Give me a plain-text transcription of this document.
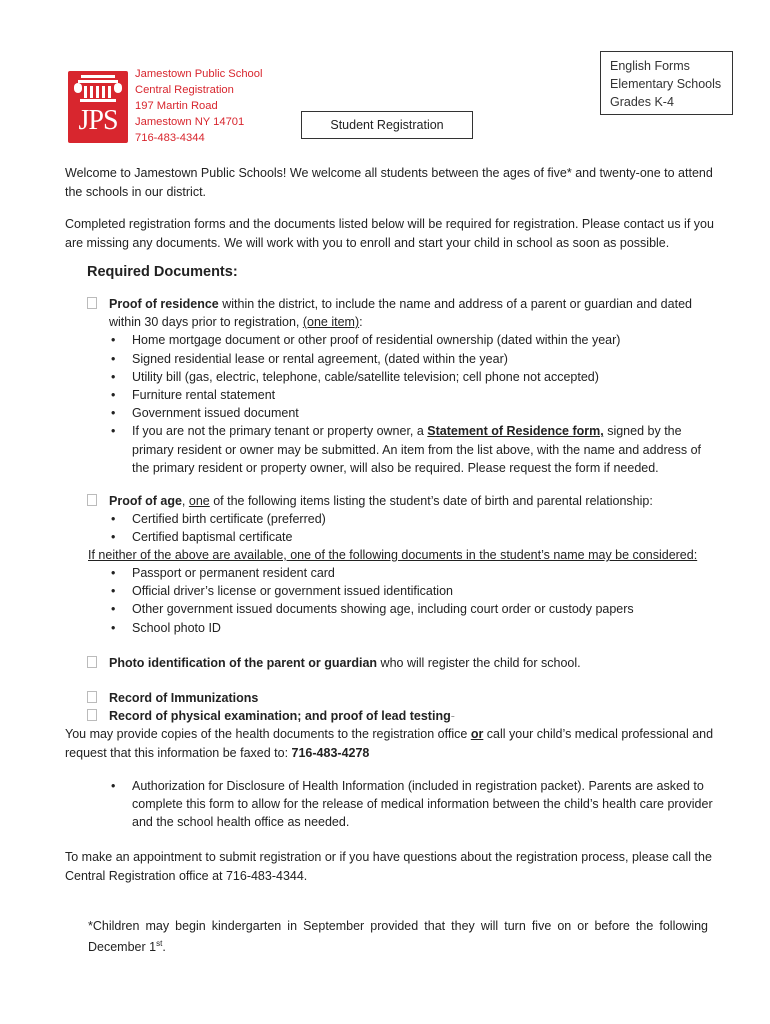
JPS
Jamestown Public School
Central Registration
197 Martin Road
Jamestown NY 14701
716-483-4344
Student Registration
English Forms
Elementary Schools
Grades K-4
Welcome to Jamestown Public Schools! We welcome all students between the ages of five* and twenty-one to attend the schools in our district.
Completed registration forms and the documents listed below will be required for registration. Please contact us if you are missing any documents. We will work with you to enroll and start your child in school as soon as possible.
Required Documents:
Proof of residence within the district, to include the name and address of a parent or guardian and dated within 30 days prior to registration, (one item):
• Home mortgage document or other proof of residential ownership (dated within the year)
• Signed residential lease or rental agreement, (dated within the year)
• Utility bill (gas, electric, telephone, cable/satellite television; cell phone not accepted)
• Furniture rental statement
• Government issued document
• If you are not the primary tenant or property owner, a Statement of Residence form, signed by the primary resident or owner may be submitted. An item from the list above, with the name and address of the primary resident or property owner, will also be required. Please request the form if needed.
Proof of age, one of the following items listing the student’s date of birth and parental relationship:
• Certified birth certificate (preferred)
• Certified baptismal certificate
If neither of the above are available, one of the following documents in the student’s name may be considered:
• Passport or permanent resident card
• Official driver’s license or government issued identification
• Other government issued documents showing age, including court order or custody papers
• School photo ID
Photo identification of the parent or guardian who will register the child for school.
Record of Immunizations
Record of physical examination; and proof of lead testing-
You may provide copies of the health documents to the registration office or call your child’s medical professional and request that this information be faxed to: 716-483-4278
• Authorization for Disclosure of Health Information (included in registration packet). Parents are asked to complete this form to allow for the release of medical information between the child’s health care provider and the school health office as needed.
To make an appointment to submit registration or if you have questions about the registration process, please call the Central Registration office at 716-483-4344.
*Children may begin kindergarten in September provided that they will turn five on or before the following December 1st.
